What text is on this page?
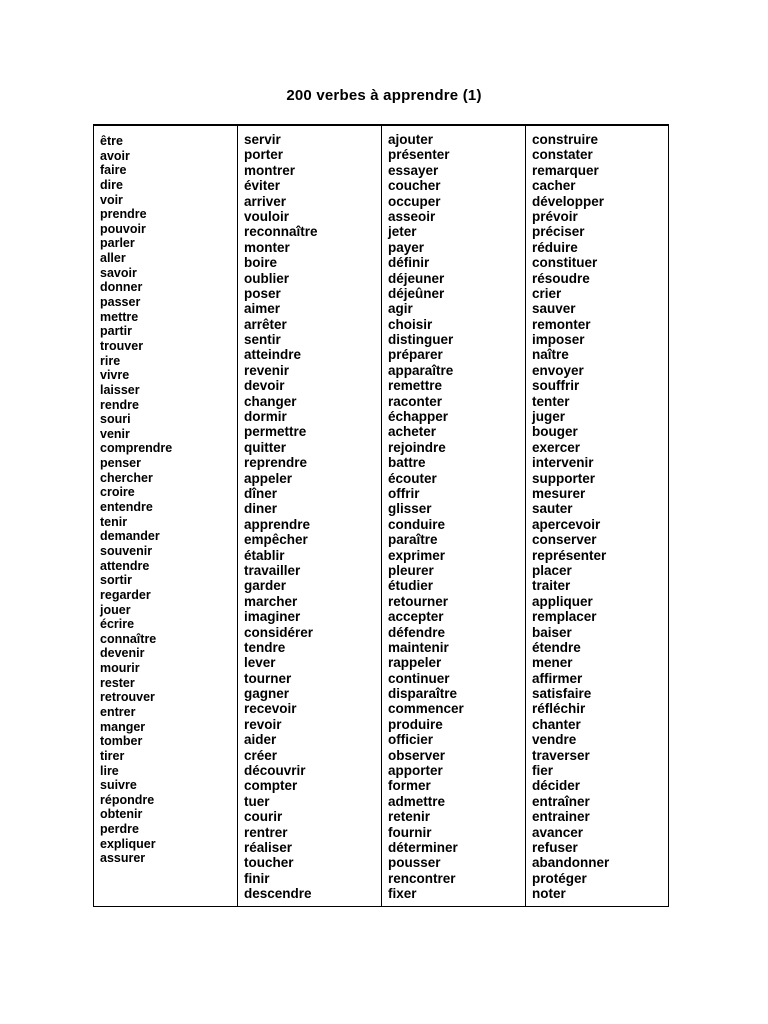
200 verbes à apprendre (1)
être
avoir
faire
dire
voir
prendre
pouvoir
parler
aller
savoir
donner
passer
mettre
partir
trouver
rire
vivre
laisser
rendre
souri
venir
comprendre
penser
chercher
croire
entendre
tenir
demander
souvenir
attendre
sortir
regarder
jouer
écrire
connaître
devenir
mourir
rester
retrouver
entrer
manger
tomber
tirer
lire
suivre
répondre
obtenir
perdre
expliquer
assurer
servir
porter
montrer
éviter
arriver
vouloir
reconnaître
monter
boire
oublier
poser
aimer
arrêter
sentir
atteindre
revenir
devoir
changer
dormir
permettre
quitter
reprendre
appeler
dîner
diner
apprendre
empêcher
établir
travailler
garder
marcher
imaginer
considérer
tendre
lever
tourner
gagner
recevoir
revoir
aider
créer
découvrir
compter
tuer
courir
rentrer
réaliser
toucher
finir
descendre
ajouter
présenter
essayer
coucher
occuper
asseoir
jeter
payer
définir
déjeuner
déjeûner
agir
choisir
distinguer
préparer
apparaître
remettre
raconter
échapper
acheter
rejoindre
battre
écouter
offrir
glisser
conduire
paraître
exprimer
pleurer
étudier
retourner
accepter
défendre
maintenir
rappeler
continuer
disparaître
commencer
produire
officier
observer
apporter
former
admettre
retenir
fournir
déterminer
pousser
rencontrer
fixer
construire
constater
remarquer
cacher
développer
prévoir
préciser
réduire
constituer
résoudre
crier
sauver
remonter
imposer
naître
envoyer
souffrir
tenter
juger
bouger
exercer
intervenir
supporter
mesurer
sauter
apercevoir
conserver
représenter
placer
traiter
appliquer
remplacer
baiser
étendre
mener
affirmer
satisfaire
réfléchir
chanter
vendre
traverser
fier
décider
entraîner
entrainer
avancer
refuser
abandonner
protéger
noter
